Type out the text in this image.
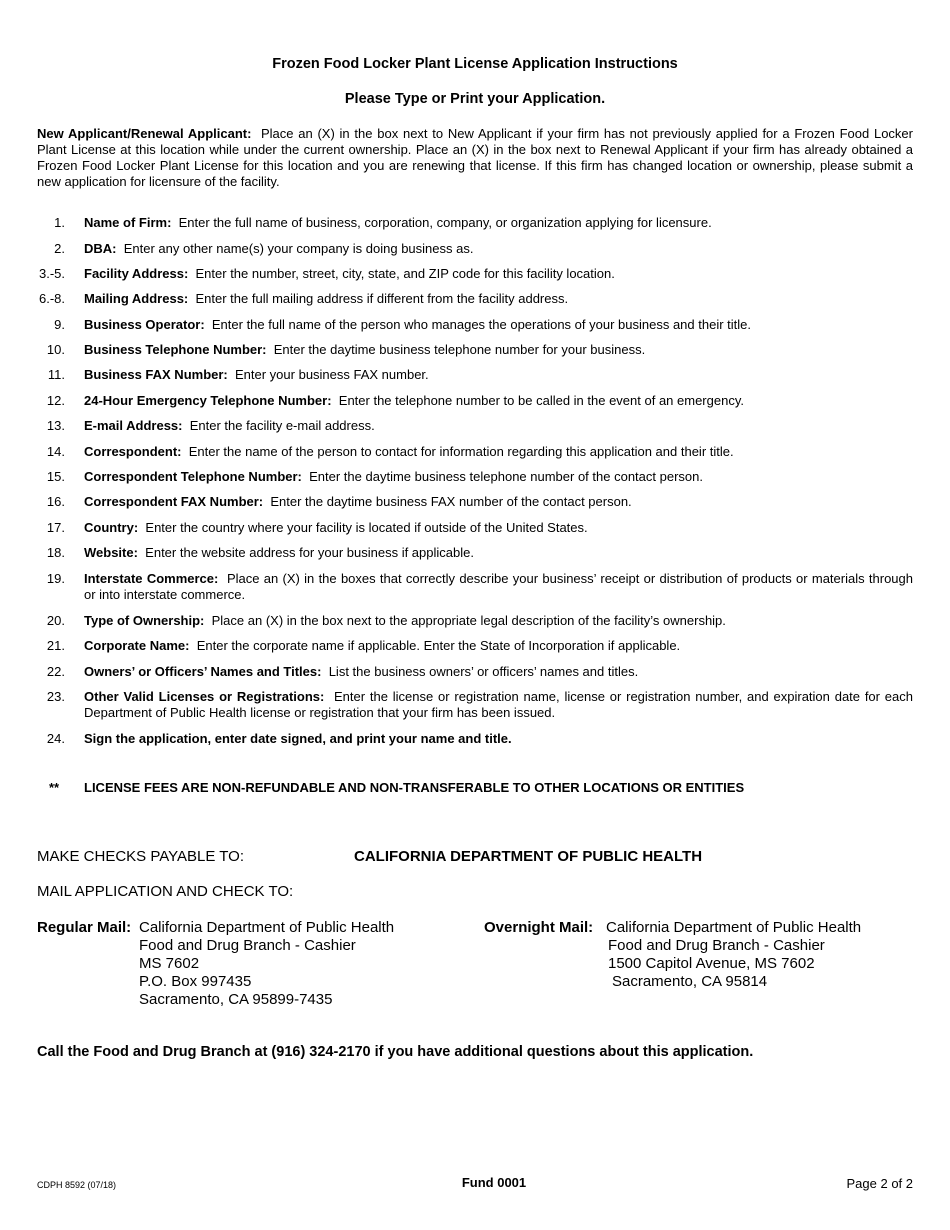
Frozen Food Locker Plant License Application Instructions
Please Type or Print your Application.
New Applicant/Renewal Applicant: Place an (X) in the box next to New Applicant if your firm has not previously applied for a Frozen Food Locker Plant License at this location while under the current ownership. Place an (X) in the box next to Renewal Applicant if your firm has already obtained a Frozen Food Locker Plant License for this location and you are renewing that license. If this firm has changed location or ownership, please submit a new application for licensure of the facility.
1. Name of Firm: Enter the full name of business, corporation, company, or organization applying for licensure.
2. DBA: Enter any other name(s) your company is doing business as.
3.-5. Facility Address: Enter the number, street, city, state, and ZIP code for this facility location.
6.-8. Mailing Address: Enter the full mailing address if different from the facility address.
9. Business Operator: Enter the full name of the person who manages the operations of your business and their title.
10. Business Telephone Number: Enter the daytime business telephone number for your business.
11. Business FAX Number: Enter your business FAX number.
12. 24-Hour Emergency Telephone Number: Enter the telephone number to be called in the event of an emergency.
13. E-mail Address: Enter the facility e-mail address.
14. Correspondent: Enter the name of the person to contact for information regarding this application and their title.
15. Correspondent Telephone Number: Enter the daytime business telephone number of the contact person.
16. Correspondent FAX Number: Enter the daytime business FAX number of the contact person.
17. Country: Enter the country where your facility is located if outside of the United States.
18. Website: Enter the website address for your business if applicable.
19. Interstate Commerce: Place an (X) in the boxes that correctly describe your business’ receipt or distribution of products or materials through or into interstate commerce.
20. Type of Ownership: Place an (X) in the box next to the appropriate legal description of the facility’s ownership.
21. Corporate Name: Enter the corporate name if applicable. Enter the State of Incorporation if applicable.
22. Owners’ or Officers’ Names and Titles: List the business owners’ or officers’ names and titles.
23. Other Valid Licenses or Registrations: Enter the license or registration name, license or registration number, and expiration date for each Department of Public Health license or registration that your firm has been issued.
24. Sign the application, enter date signed, and print your name and title.
** LICENSE FEES ARE NON-REFUNDABLE AND NON-TRANSFERABLE TO OTHER LOCATIONS OR ENTITIES
MAKE CHECKS PAYABLE TO:	CALIFORNIA DEPARTMENT OF PUBLIC HEALTH
MAIL APPLICATION AND CHECK TO:
Regular Mail: California Department of Public Health
Food and Drug Branch - Cashier
MS 7602
P.O. Box 997435
Sacramento, CA 95899-7435
Overnight Mail: California Department of Public Health
Food and Drug Branch - Cashier
1500 Capitol Avenue, MS 7602
Sacramento, CA 95814
Call the Food and Drug Branch at (916) 324-2170 if you have additional questions about this application.
CDPH 8592 (07/18)	Fund 0001	Page 2 of 2
